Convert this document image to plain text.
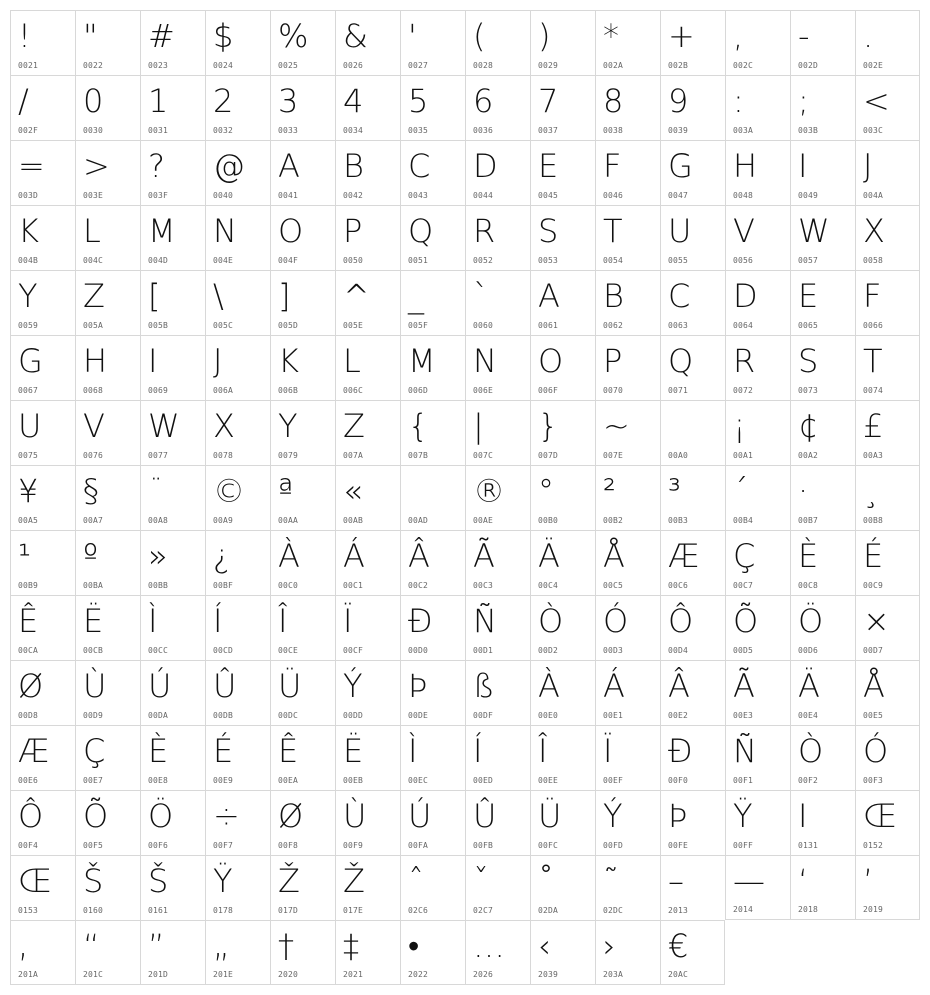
!
0021
"
0022
#
0023
$
0024
%
0025
&
0026
'
0027
(
0028
)
0029
*
002A
+
002B
,
002C
-
002D
.
002E
/
002F
0
0030
1
0031
2
0032
3
0033
4
0034
5
0035
6
0036
7
0037
8
0038
9
0039
:
003A
;
003B
<
003C
=
003D
>
003E
?
003F
@
0040
A
0041
B
0042
C
0043
D
0044
E
0045
F
0046
G
0047
H
0048
I
0049
J
004A
K
004B
L
004C
M
004D
N
004E
O
004F
P
0050
Q
0051
R
0052
S
0053
T
0054
U
0055
V
0056
W
0057
X
0058
Y
0059
Z
005A
[
005B
\
005C
]
005D
^
005E
_
005F
`
0060
A
0061
B
0062
C
0063
D
0064
E
0065
F
0066
G
0067
H
0068
I
0069
J
006A
K
006B
L
006C
M
006D
N
006E
O
006F
P
0070
Q
0071
R
0072
S
0073
T
0074
U
0075
V
0076
W
0077
X
0078
Y
0079
Z
007A
{
007B
|
007C
}
007D
~
007E	00A0
¡
00A1
¢
00A2
£
00A3
¥
00A5
§
00A7
¨
00A8
©
00A9
ª
00AA
«
00AB	00AD
®
00AE
°
00B0
²
00B2
³
00B3
´
00B4
·
00B7
¸
00B8
¹
00B9
º
00BA
»
00BB
¿
00BF
À
00C0
Á
00C1
Â
00C2
Ã
00C3
Ä
00C4
Å
00C5
Æ
00C6
Ç
00C7
È
00C8
É
00C9
Ê
00CA
Ë
00CB
Ì
00CC
Í
00CD
Î
00CE
Ï
00CF
Đ
00D0
Ñ
00D1
Ò
00D2
Ó
00D3
Ô
00D4
Õ
00D5
Ö
00D6
×
00D7
Ø
00D8
Ù
00D9
Ú
00DA
Û
00DB
Ü
00DC
Ý
00DD
Þ
00DE
ß
00DF
À
00E0
Á
00E1
Â
00E2
Ã
00E3
Ä
00E4
Å
00E5
Æ
00E6
Ç
00E7
È
00E8
É
00E9
Ê
00EA
Ë
00EB
Ì
00EC
Í
00ED
Î
00EE
Ï
00EF
Đ
00F0
Ñ
00F1
Ò
00F2
Ó
00F3
Ô
00F4
Õ
00F5
Ö
00F6
÷
00F7
Ø
00F8
Ù
00F9
Ú
00FA
Û
00FB
Ü
00FC
Ý
00FD
Þ
00FE
Ÿ
00FF
I
0131
Œ
0152
Œ
0153
Š
0160
Š
0161
Ÿ
0178
Ž
017D
Ž
017E
ˆ
02C6
ˇ
02C7
˚
02DA
˜
02DC
–
2013
—
2014
‘
2018
’
2019
‚
201A
“
201C
”
201D
„
201E
†
2020
‡
2021
•
2022
…
2026
‹
2039
›
203A
€
20AC
